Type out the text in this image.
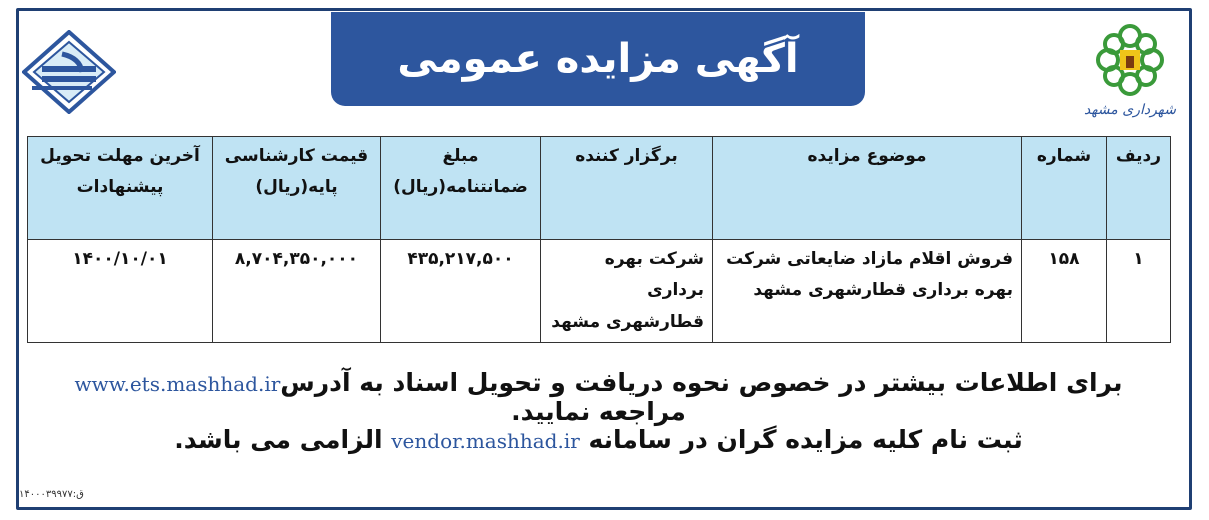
آگهی مزایده عمومی
شهرداری مشهد
ردیف	شماره	موضوع مزایده	برگزار کننده	مبلغ ضمانتنامه(ریال)	قیمت کارشناسی پایه(ریال)	آخرین مهلت تحویل پیشنهادات
۱	۱۵۸	فروش اقلام مازاد ضایعاتی شرکت بهره برداری قطارشهری مشهد	شرکت بهره برداری قطارشهری مشهد	۴۳۵,۲۱۷,۵۰۰	۸,۷۰۴,۳۵۰,۰۰۰	۱۴۰۰/۱۰/۰۱
برای اطلاعات بیشتر در خصوص نحوه دریافت و تحویل اسناد به آدرسwww.ets.mashhad.ir مراجعه نمایید.
ثبت نام کلیه مزایده گران در سامانه vendor.mashhad.ir الزامی می باشد.
ق:۱۴۰۰۰۳۹۹۷۷
